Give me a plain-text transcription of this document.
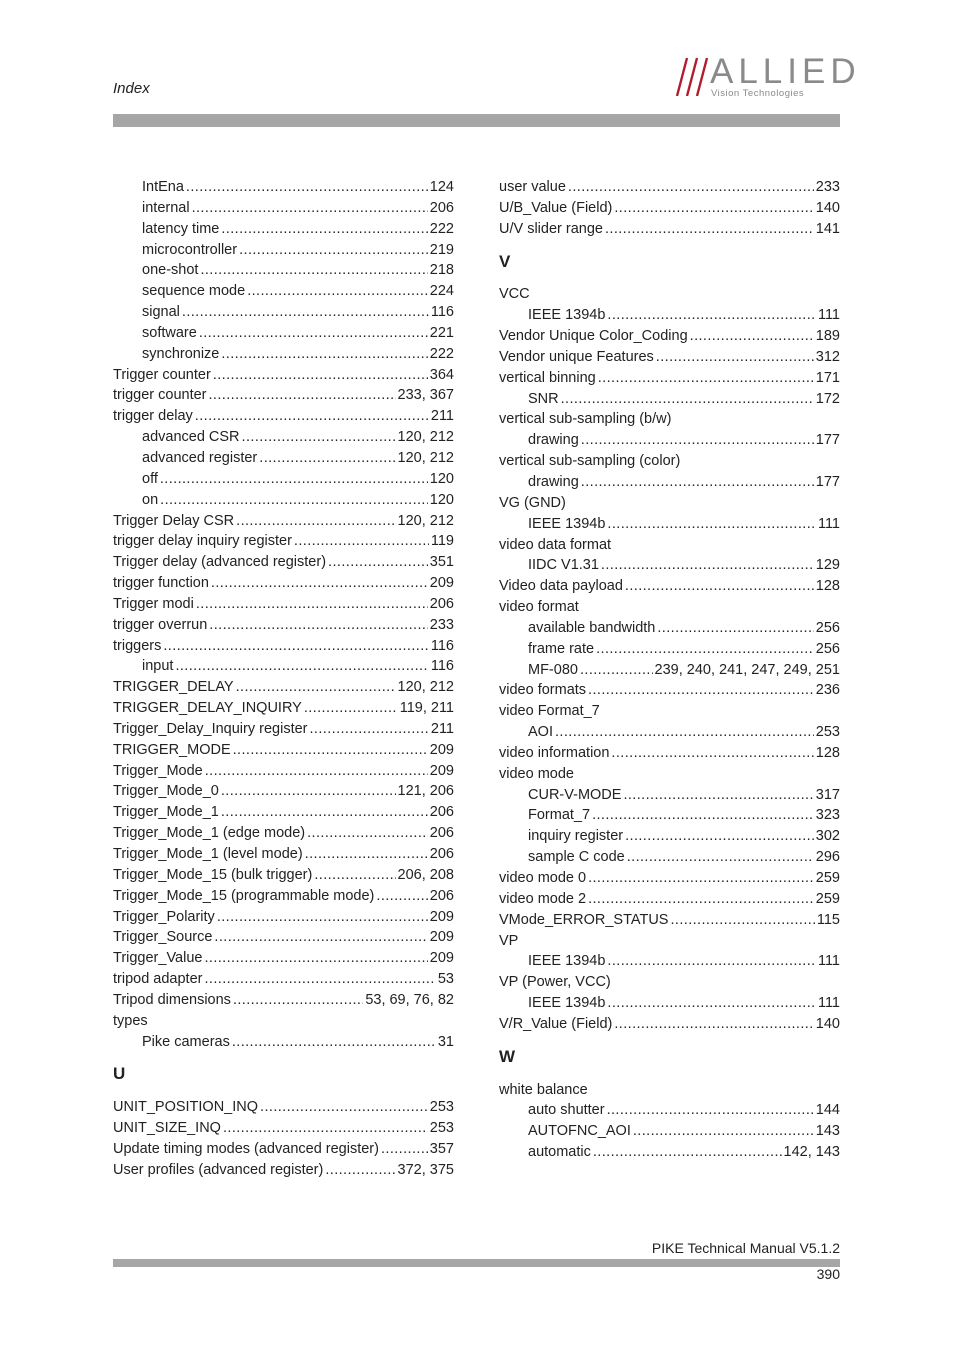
Index	ALLIED
Vision Technologies
IntEna .....	124
internal .....	206
latency time .....	222
microcontroller .....	219
one-shot .....	218
sequence mode .....	224
signal .....	116
software .....	221
synchronize .....	222
Trigger counter .....	364
trigger counter .....	233, 367
trigger delay .....	211
advanced CSR .....	120, 212
advanced register .....	120, 212
off .....	120
on .....	120
Trigger Delay CSR .....	120, 212
trigger delay inquiry register .....	119
Trigger delay (advanced register) .....	351
trigger function .....	209
Trigger modi .....	206
trigger overrun .....	233
triggers .....	116
input .....	116
TRIGGER_DELAY .....	120, 212
TRIGGER_DELAY_INQUIRY .....	119, 211
Trigger_Delay_Inquiry register .....	211
TRIGGER_MODE .....	209
Trigger_Mode .....	209
Trigger_Mode_0 .....	121, 206
Trigger_Mode_1 .....	206
Trigger_Mode_1 (edge mode) .....	206
Trigger_Mode_1 (level mode) .....	206
Trigger_Mode_15 (bulk trigger) .....	206, 208
Trigger_Mode_15 (programmable mode) .....	206
Trigger_Polarity .....	209
Trigger_Source .....	209
Trigger_Value .....	209
tripod adapter .....	53
Tripod dimensions .....	53, 69, 76, 82
types
Pike cameras .....	31
U
UNIT_POSITION_INQ .....	253
UNIT_SIZE_INQ .....	253
Update timing modes (advanced register) .....	357
User profiles (advanced register) .....	372, 375
user value .....	233
U/B_Value (Field) .....	140
U/V slider range .....	141
V
VCC
IEEE 1394b .....	111
Vendor Unique Color_Coding .....	189
Vendor unique Features .....	312
vertical binning .....	171
SNR .....	172
vertical sub-sampling (b/w)
drawing .....	177
vertical sub-sampling (color)
drawing .....	177
VG (GND)
IEEE 1394b .....	111
video data format
IIDC V1.31 .....	129
Video data payload .....	128
video format
available bandwidth .....	256
frame rate .....	256
MF-080 .....	239, 240, 241, 247, 249, 251
video formats .....	236
video Format_7
AOI .....	253
video information .....	128
video mode
CUR-V-MODE .....	317
Format_7 .....	323
inquiry register .....	302
sample C code .....	296
video mode 0 .....	259
video mode 2 .....	259
VMode_ERROR_STATUS .....	115
VP
IEEE 1394b .....	111
VP (Power, VCC)
IEEE 1394b .....	111
V/R_Value (Field) .....	140
W
white balance
auto shutter .....	144
AUTOFNC_AOI .....	143
automatic .....	142, 143
PIKE Technical Manual V5.1.2
390
